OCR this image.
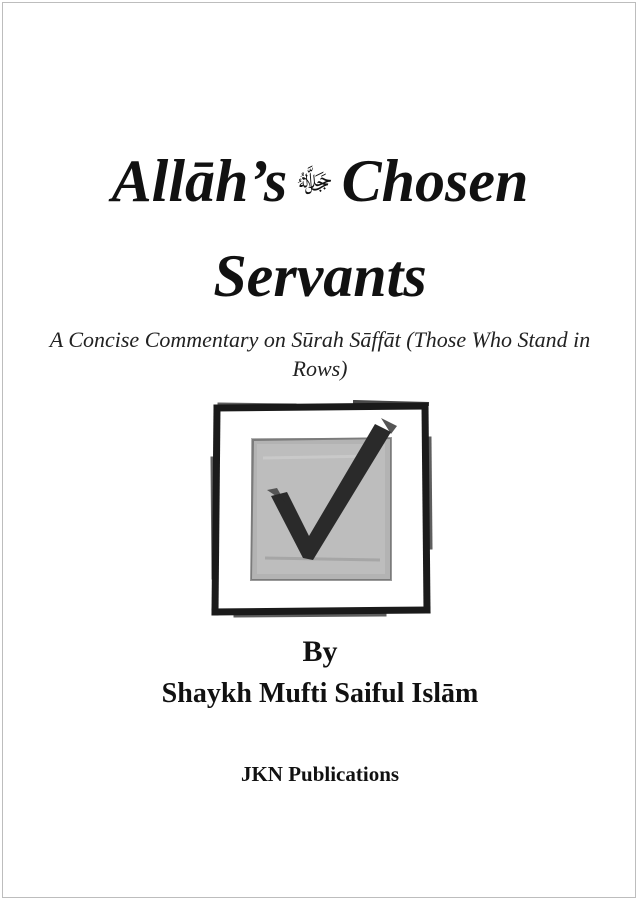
Allāh’s ﷻ Chosen
Servants
A Concise Commentary on Sūrah Sāffāt (Those Who Stand in Rows)
By
Shaykh Mufti Saiful Islām
JKN Publications
